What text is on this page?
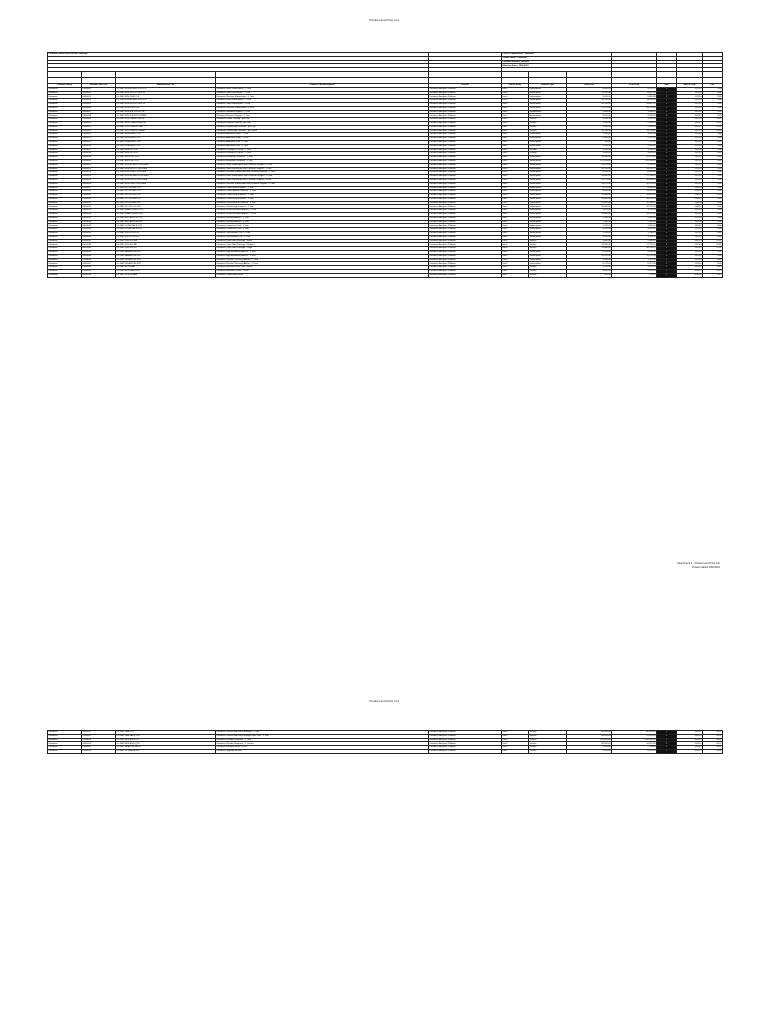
Product and Price List
Contract Product and Service Offerings					Price Per Agreement - Datameer						
					Vendor Name: Carahsoft						
					Contract Number: 3000000						
					Effective Dates: 2016-2021						

Product Family	Reseller SKU P/N	Manufacturer P/N	Product Title/Description	Version	Unit of Issue	Product Type	GSA Price	OCA Price	OBL	NAICS Code	PSC
Datameer	DM-0001	DL-DMT-SRV-SILVER-1YR-STD	Datameer Silver Subscription - 1 Year	Datameer Analytics Platform	Each	Subscription	8,445.00	8,105.22	Y	511210	7030
Datameer	DM-0002	DL-DMT-SRV-GOLD-1YR-STD	Datameer Gold Subscription - 1 Year	Datameer Analytics Platform	Each	Subscription	12,310.00	11,815.40	Y	511210	7030
Datameer	DM-0003	DL-DMT-SRV-PLAT-1YR	Datameer Platinum Subscription - 1 Year	Datameer Analytics Platform	Each	Subscription	9,445.00	9,065.88	Y	511210	7030
Datameer	DM-0004	DL-DMT-SRV-SILVER-3YR-STD	Datameer Silver Subscription - 3 Year	Datameer Analytics Platform	Each	Subscription	24,920.00	23,918.90	Y	511210	7030
Datameer	DM-0005	DL-DMT-SRV-GOLD-3YR-STD	Datameer Gold Subscription - 3 Year	Datameer Analytics Platform	Each	Subscription	34,785.00	33,387.10	Y	511210	7030
Datameer	DM-0006	DL-DMT-SRV-PLAT-3YR	Datameer Platinum Subscription - 3 Year	Datameer Analytics Platform	Each	Subscription	27,215.00	26,121.44	Y	511210	7030
Datameer	DM-0007	DL-DMT-SRV-SUPPORT-1YR	Datameer Standard Support - 1 Year	Datameer Analytics Platform	Each	Maintenance	2,030.00	1,948.42	Y	511210	7030
Datameer	DM-0008	DL-DMT-SRV-SUPPORT-PREM	Datameer Premium Support - 1 Year	Datameer Analytics Platform	Each	Maintenance	3,150.00	3,023.42	Y	511210	7030
Datameer	DM-0009	DL-DMT-SRV-TRAIN-ONSITE	Datameer Onsite Training - per Day	Datameer Analytics Platform	Each	Service	4,100.00	3,935.24	Y	541519	D307
Datameer	DM-0010	DL-DMT-SRV-TRAIN-REMOTE	Datameer Remote Training - per Day	Datameer Analytics Platform	Each	Service	2,260.00	2,169.18	Y	541519	D307
Datameer	DM-0011	DL-DMT-PS-CONSULT-DAY	Datameer Professional Services - per Day	Datameer Analytics Platform	Each	Service	2,600.00	2,495.54	Y	541519	D307
Datameer	DM-0012	DL-DMT-PS-CONSULT-WEEK	Datameer Professional Services - per Week	Datameer Analytics Platform	Each	Service	12,230.00	11,738.62	Y	541519	D307
Datameer	DM-0013	DL-DMT-NODE-ADD-1YR	Datameer Additional Node - 1 Year	Datameer Analytics Platform	Each	Subscription	1,930.00	1,852.44	Y	511210	7030
Datameer	DM-0014	DL-DMT-NODE-ADD-3YR	Datameer Additional Node - 3 Year	Datameer Analytics Platform	Each	Subscription	5,480.00	5,259.80	Y	511210	7030
Datameer	DM-0015	DL-DMT-USER-ADD-1YR	Datameer Additional User - 1 Year	Datameer Analytics Platform	Each	Subscription	760.00	729.46	Y	511210	7030
Datameer	DM-0016	DL-DMT-USER-ADD-3YR	Datameer Additional User - 3 Year	Datameer Analytics Platform	Each	Subscription	2,150.00	2,063.62	Y	511210	7030
Datameer	DM-0017	DL-DMT-DEV-LIC-1YR	Datameer Developer License - 1 Year	Datameer Analytics Platform	Each	License	1,410.00	1,353.34	Y	511210	7030
Datameer	DM-0018	DL-DMT-DEV-LIC-3YR	Datameer Developer License - 3 Year	Datameer Analytics Platform	Each	License	3,990.00	3,829.68	Y	511210	7030
Datameer	DM-0019	DL-DMT-ENT-UNL-1YR	Datameer Enterprise Unlimited - 1 Year	Datameer Analytics Platform	Each	Subscription	49,880.00	47,875.80	Y	511210	7030
Datameer	DM-0020	DL-DMT-ENT-UNL-3YR	Datameer Enterprise Unlimited - 3 Year	Datameer Analytics Platform	Each	Subscription	141,200.00	135,526.80	Y	511210	7030
Datameer	DM-0021	DL-DMT-SRV-SILVER-1YR-PREM	Datameer Silver Subscription with Premium Support - 1 Year	Datameer Analytics Platform	Each	Subscription	10,115.00	9,708.58	Y	511210	7030
Datameer	DM-0022	DL-DMT-SRV-GOLD-1YR-PREM	Datameer Gold Subscription with Premium Support - 1 Year	Datameer Analytics Platform	Each	Subscription	14,790.00	14,195.76	Y	511210	7030
Datameer	DM-0023	DL-DMT-SRV-PLAT-1YR-PREM	Datameer Platinum Subscription with Premium Support - 1 Year	Datameer Analytics Platform	Each	Subscription	11,950.00	11,469.86	Y	511210	7030
Datameer	DM-0024	DL-DMT-SRV-SILVER-3YR-PREM	Datameer Silver Subscription with Premium Support - 3 Year	Datameer Analytics Platform	Each	Subscription	28,860.00	27,700.42	Y	511210	7030
Datameer	DM-0025	DL-DMT-SRV-GOLD-3YR-PREM	Datameer Gold Subscription with Premium Support - 3 Year	Datameer Analytics Platform	Each	Subscription	41,710.00	40,034.16	Y	511210	7030
Datameer	DM-0026	DL-DMT-SRV-PLAT-3YR-PREM	Datameer Platinum Subscription with Premium Support - 3 Year	Datameer Analytics Platform	Each	Subscription	33,570.00	32,221.24	Y	511210	7030
Datameer	DM-0027	DL-DMT-CLOUD-SM-1YR	Datameer Cloud Small Instance - 1 Year	Datameer Analytics Platform	Each	Subscription	6,720.00	6,449.98	Y	518210	7030
Datameer	DM-0028	DL-DMT-CLOUD-MD-1YR	Datameer Cloud Medium Instance - 1 Year	Datameer Analytics Platform	Each	Subscription	11,890.00	11,412.28	Y	518210	7030
Datameer	DM-0029	DL-DMT-CLOUD-LG-1YR	Datameer Cloud Large Instance - 1 Year	Datameer Analytics Platform	Each	Subscription	19,380.00	18,601.34	Y	518210	7030
Datameer	DM-0030	DL-DMT-CLOUD-SM-3YR	Datameer Cloud Small Instance - 3 Year	Datameer Analytics Platform	Each	Subscription	19,020.00	18,255.78	Y	518210	7030
Datameer	DM-0031	DL-DMT-CLOUD-MD-3YR	Datameer Cloud Medium Instance - 3 Year	Datameer Analytics Platform	Each	Subscription	33,690.00	32,336.42	Y	518210	7030
Datameer	DM-0032	DL-DMT-CLOUD-LG-3YR	Datameer Cloud Large Instance - 3 Year	Datameer Analytics Platform	Each	Subscription	54,920.00	52,713.34	Y	518210	7030
Datameer	DM-0033	DL-DMT-SMART-EXEC-1YR	Datameer Smart Execution Add-on - 1 Year	Datameer Analytics Platform	Each	Subscription	3,870.00	3,714.50	Y	511210	7030
Datameer	DM-0034	DL-DMT-SMART-EXEC-3YR	Datameer Smart Execution Add-on - 3 Year	Datameer Analytics Platform	Each	Subscription	10,960.00	10,519.64	Y	511210	7030
Datameer	DM-0035	DL-DMT-SEC-ADDON-1YR	Datameer Security Add-on - 1 Year	Datameer Analytics Platform	Each	Subscription	2,590.00	2,485.94	Y	511210	7030
Datameer	DM-0036	DL-DMT-SEC-ADDON-3YR	Datameer Security Add-on - 3 Year	Datameer Analytics Platform	Each	Subscription	7,340.00	7,045.08	Y	511210	7030
Datameer	DM-0037	DL-DMT-CONN-PACK-1YR	Datameer Connector Pack - 1 Year	Datameer Analytics Platform	Each	Subscription	1,720.00	1,650.90	Y	511210	7030
Datameer	DM-0038	DL-DMT-CONN-PACK-3YR	Datameer Connector Pack - 3 Year	Datameer Analytics Platform	Each	Subscription	4,870.00	4,674.32	Y	511210	7030
Datameer	DM-0039	DL-DMT-VIS-PLUS-1YR	Datameer Visualization Plus - 1 Year	Datameer Analytics Platform	Each	Subscription	1,290.00	1,238.16	Y	511210	7030
Datameer	DM-0040	DL-DMT-VIS-PLUS-3YR	Datameer Visualization Plus - 3 Year	Datameer Analytics Platform	Each	Subscription	3,650.00	3,503.34	Y	511210	7030
Datameer	DM-0041	DL-DMT-QS-PKG-SM	Datameer Quick Start Package - Small	Datameer Analytics Platform	Each	Service	9,800.00	9,406.20	Y	541519	D307
Datameer	DM-0042	DL-DMT-QS-PKG-MD	Datameer Quick Start Package - Medium	Datameer Analytics Platform	Each	Service	18,500.00	17,756.60	Y	541519	D307
Datameer	DM-0043	DL-DMT-QS-PKG-LG	Datameer Quick Start Package - Large	Datameer Analytics Platform	Each	Service	31,400.00	30,138.22	Y	541519	D307
Datameer	DM-0044	DL-DMT-HA-ADDON-1YR	Datameer High Availability Add-on - 1 Year	Datameer Analytics Platform	Each	Subscription	4,310.00	4,136.82	Y	511210	7030
Datameer	DM-0045	DL-DMT-HA-ADDON-3YR	Datameer High Availability Add-on - 3 Year	Datameer Analytics Platform	Each	Subscription	12,210.00	11,719.38	Y	511210	7030
Datameer	DM-0046	DL-DMT-DR-ADDON-1YR	Datameer Disaster Recovery Add-on - 1 Year	Datameer Analytics Platform	Each	Subscription	3,450.00	3,311.36	Y	511210	7030
Datameer	DM-0047	DL-DMT-DR-ADDON-3YR	Datameer Disaster Recovery Add-on - 3 Year	Datameer Analytics Platform	Each	Subscription	9,770.00	9,377.40	Y	511210	7030
Datameer	DM-0048	DL-DMT-EDU-SEAT	Datameer Education Seat - per Course	Datameer Analytics Platform	Each	Service	1,150.00	1,103.78	Y	611420	U012
Datameer	DM-0049	DL-DMT-EDU-PASS-1YR	Datameer Education Pass - 1 Year	Datameer Analytics Platform	Each	Service	4,600.00	4,415.16	Y	611420	U012
Datameer	DM-0050	DL-DMT-CERT-EXAM	Datameer Certification Exam	Datameer Analytics Platform	Each	Service	290.00	278.34	Y	611420	U012
Attachment 1 - Product and Price List
Version dated 3/31/2016
Product and Price List
Datameer	DM-0051	DL-DMT-TAM-1YR	Datameer Technical Account Manager - 1 Year	Datameer Analytics Platform	Each	Service	48,900.00	46,935.00	Y	541519	D307
Datameer	DM-0052	DL-DMT-TAM-HALF-1YR	Datameer Technical Account Manager Half Time - 1 Year	Datameer Analytics Platform	Each	Service	26,400.00	25,339.00	Y	541519	D307
Datameer	DM-0053	DL-DMT-RES-ENG-1YR	Datameer Resident Engineer - 1 Year	Datameer Analytics Platform	Each	Service	214,000.00	205,400.00	Y	541519	D307
Datameer	DM-0054	DL-DMT-RES-ENG-QTR	Datameer Resident Engineer - 1 Quarter	Datameer Analytics Platform	Each	Service	56,300.00	54,037.00	Y	541519	D307
Datameer	DM-0055	DL-DMT-HEALTH-CHECK	Datameer Platform Health Check	Datameer Analytics Platform	Each	Service	7,600.00	7,294.00	Y	541519	D307
Datameer	DM-0056	DL-DMT-UPGRADE-SVC	Datameer Upgrade Service	Datameer Analytics Platform	Each	Service	5,200.00	4,991.00	Y	541519	D307
